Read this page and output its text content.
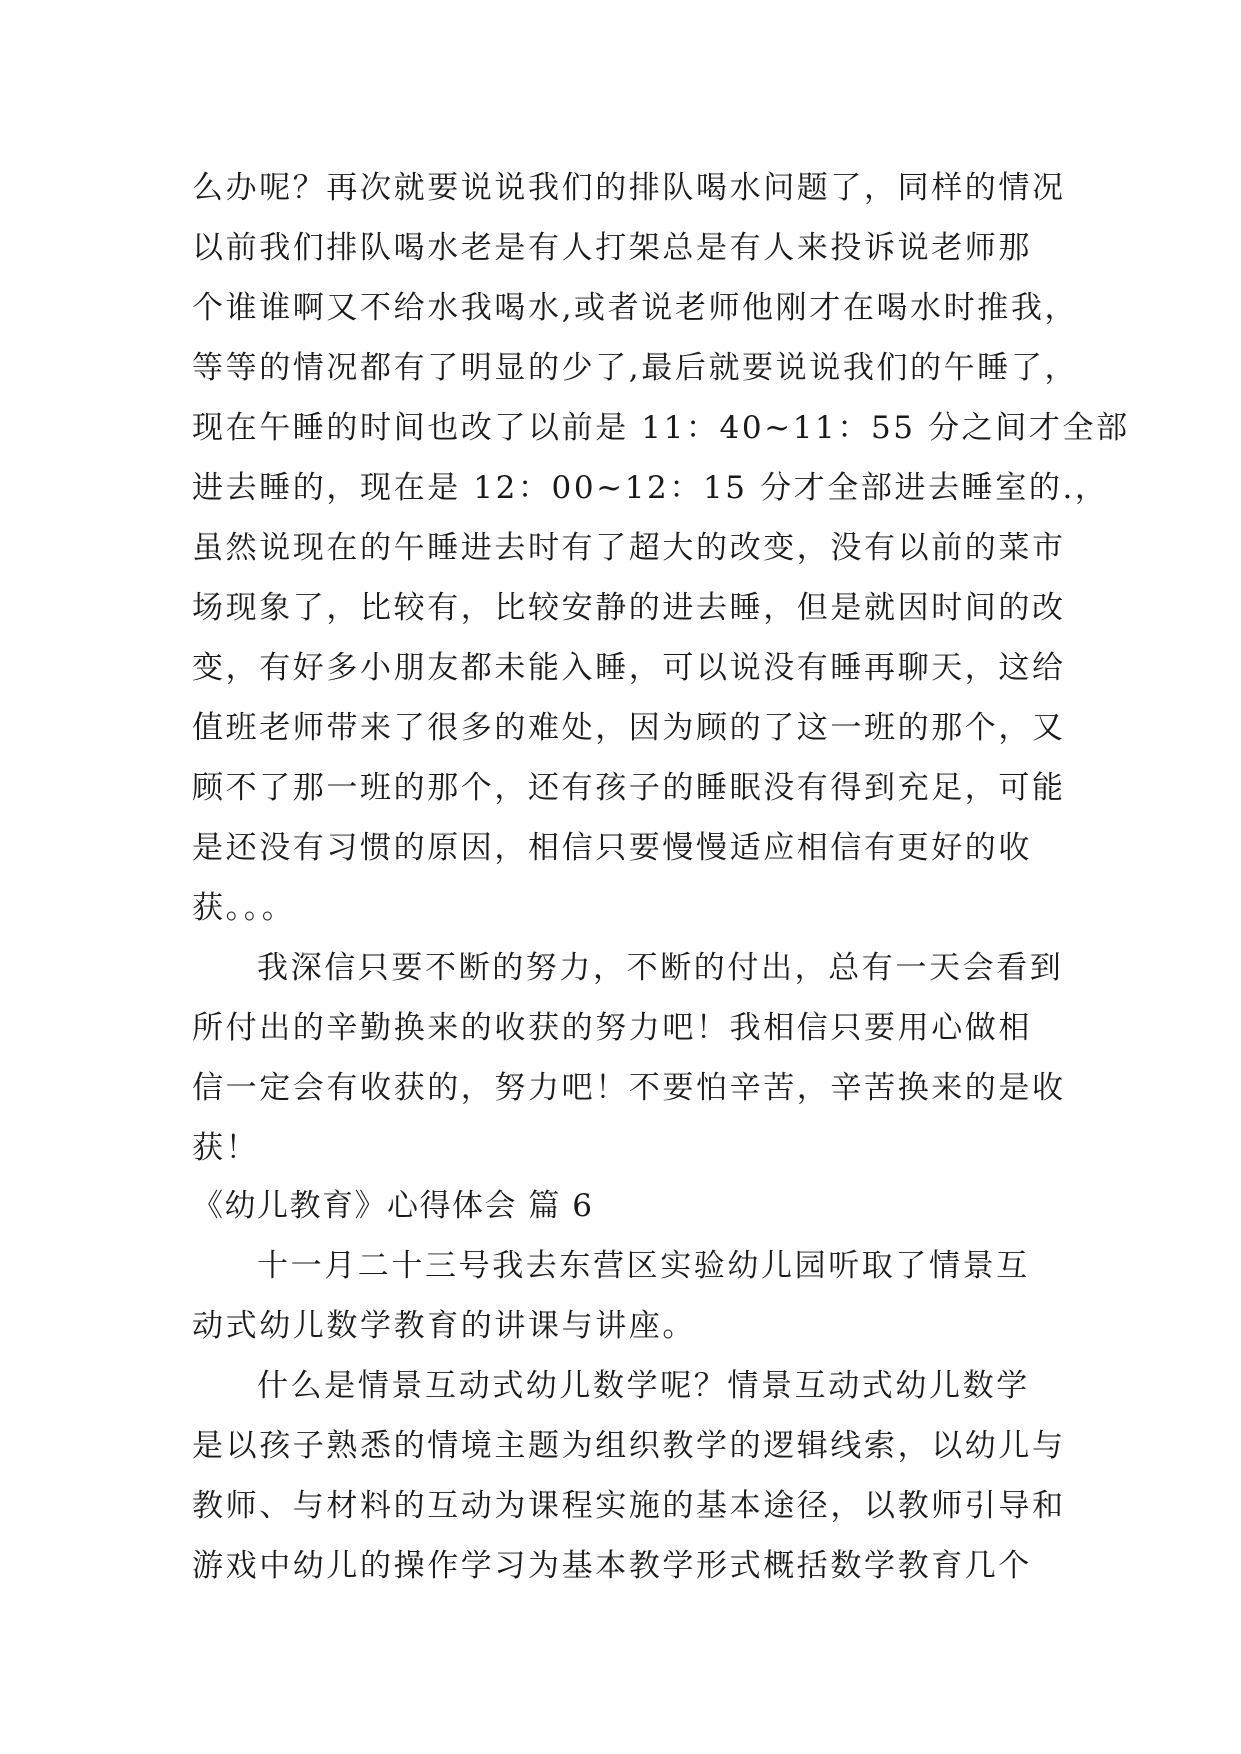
么办呢？再次就要说说我们的排队喝水问题了，同样的情况
以前我们排队喝水老是有人打架总是有人来投诉说老师那
个谁谁啊又不给水我喝水,或者说老师他刚才在喝水时推我，
等等的情况都有了明显的少了,最后就要说说我们的午睡了，
现在午睡的时间也改了以前是 11：40~11：55 分之间才全部
进去睡的，现在是 12：00~12：15 分才全部进去睡室的.，
虽然说现在的午睡进去时有了超大的改变，没有以前的菜市
场现象了，比较有，比较安静的进去睡，但是就因时间的改
变，有好多小朋友都未能入睡，可以说没有睡再聊天，这给
值班老师带来了很多的难处，因为顾的了这一班的那个，又
顾不了那一班的那个，还有孩子的睡眠没有得到充足，可能
是还没有习惯的原因，相信只要慢慢适应相信有更好的收
获。。。
我深信只要不断的努力，不断的付出，总有一天会看到
所付出的辛勤换来的收获的努力吧！我相信只要用心做相
信一定会有收获的，努力吧！不要怕辛苦，辛苦换来的是收
获！
《幼儿教育》心得体会 篇 6
十一月二十三号我去东营区实验幼儿园听取了情景互
动式幼儿数学教育的讲课与讲座。
什么是情景互动式幼儿数学呢？情景互动式幼儿数学
是以孩子熟悉的情境主题为组织教学的逻辑线索，以幼儿与
教师、与材料的互动为课程实施的基本途径，以教师引导和
游戏中幼儿的操作学习为基本教学形式概括数学教育几个
